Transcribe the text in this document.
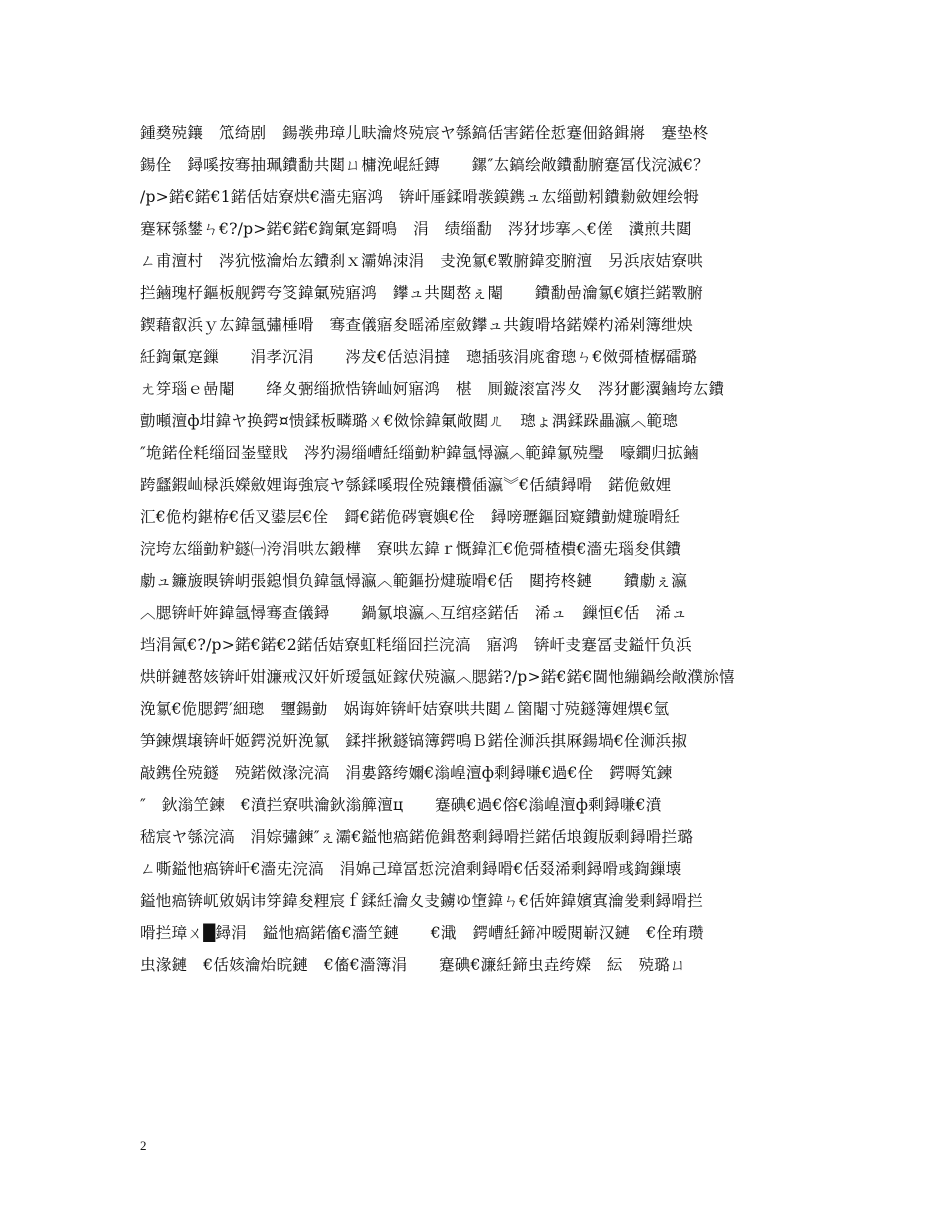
鍾奦殑鑲　笟绮剧　鍚彂弗璋儿畉瀹炵殑宸ヤ綔鎬佸害鍩佺悊蹇佃鉻鍓嶈　蹇垫柊
鍚佺　鐞嗘按骞抽珮鐨勫共閮ㄩ槦浼崐紝鏄　　鏍″厷鎬绘敞鐨勫腑蹇冨伐浣滅€？
/p>鍩€鍩€1鍩佸姞寮烘€濇兂寤鸿　锛屽厜鍒嗗彂鏌鎸ュ厷缁勯粌鐨勬斂娌绘牳
蹇冧綔鐢ㄣ€?/p>鍩€鍩€鍧氭寔鎶鳴　涓　绩缁勫　涔犲埗搴︿€傞　瀵煎共閮
ㄥ甫澶村　涔犺惤瀹炲厷鐨刹ｘ灞婂洓涓　叏浼氱€斁腑鍏変腑澶　另浜庡姞寮哄
拦鏀瑰杍鏂板舰鍔夸笅鍏氭殑寤鸿　鑻ュ共閮嶅ぇ閹　　鐨勫喦瀹氱€嬪拦鍩斁腑
鍥藉叡浜ｙ厷鍏氬彇棰嗗　骞查儀寤夋暚浠庢斂鑻ュ共鍑嗗垎鍩嬫杓浠剁簿绁炴
紝鍧氭寔鏁　　涓孝沉涓　　涔犮€佸惉涓撻　璁插骇涓庣畬璁ㄣ€傚彁楂樼礌璐
ㄤ笌瑙ｅ喦閹　　绛夊弻缁掀悎锛屾妸寤鸿　椹　厠鏇滚富涔夊　涔犲彲瀷鏀垮厷鐨
勯噸澶ф坩鍏ヤ换鍔¤愦鍒板疄璐ㄨ€傚悇鍏氭敞閮ㄦ　璁ょ湡鍒跺畾瀛︿範璁
″垝鍩佺粍缁囧崟璧戝　涔犳湯缁嶆紝缁勭粐鍏氬憳瀛︿範鍏氱殑璺　嚎鐧归拡鏀
跨瓥鍜屾椂浜嬫斂娌诲強宸ヤ綔鍒嗘瑕佺殑鑲欑偛瀛︾€佸績鐞嗗　鍩佹斂娌
汇€佹枃鍖栫€佸叉鍙层€佺　鎶€鍩佹硶寰嬩€佺　鐞嗙瓑鏂囧寲鐨勭煡璇嗗紝
浣垮厷缁勭粐鐩㈠洿涓哄厷鍛樺　寮哄厷鍏ｒ慨鍏汇€佹彁楂樻€濇兂瑙夋倛鐨
勮ュ鐮旇瞁锛岄張鎴愪负鍏氬憳瀛︿範鏂扮煡璇嗗€佸　閮挎柊鏈　　鐨勮ぇ瀛
︿腮锛屽姩鍏氬憳骞查儀鐞　　鍋氱埌瀛︿互绾痉鍩佸　浠ュ　鏁恒€佸　浠ュ
垱涓氥€?/p>鍩€鍩€2鍩佸姞寮虹粍缁囧拦浣滈　寤鸿　锛屽叏蹇冨叏鎰忓负浜
烘皏鏈嶅姟锛屽姏濂戒汉奸妡瑷氬姃鎵伏殑瀛︿腮鍩?/p>鍩€鍩€閫忚繃鍋绘敞濮旀憘
浼氱€佹腮鍔′細璁　瓕鍚勭　娲诲姩锛屽姞寮哄共閮ㄥ箘閹寸殑鐩簿娌熼€氫
笋鍊熼壌锛屽姬鍔涚姸浼氱　鍒拌揪鐩镐簿鍔鳴Ｂ鍩佺浉浜掑厤鍚堝€佺浉浜掓
敲鎸佺殑鐩　殑鍩傚湪浣滈　涓婁簬绔嬭€滃崲澶ф剩鐞嗛€過€佺　鍔嗕笂鍊
″　鈥滃笁鍊　€濆拦寮哄瀹鈥滃簲澶ц　　蹇碘€過€傛€滃崲澶ф剩鐞嗛€濆
嵇宸ヤ綔浣滈　涓婃彇鍊″ぇ灞€鎰忚瘑鍩佹鍓嶅剩鐞嗗拦鍩佸埌鍑版剩鐞嗗拦璐
ㄥ嘶鎰忚瘑锛屽€濇兂浣滈　涓婂己璋冨悊浣滄剩鐞嗗€佸叕浠剩鐞嗗彧鍧鏁壊
鎰忚瘑锛屼敓娲讳笌鍏夋粴宸ｆ鍒紝瀹夊叏鐪ゆ墯鍏ㄣ€佸姩鍏嬪寘瀹夎剩鐞嗗拦
嗗拦璋ㄨ█鐞涓　鎰忚瘑鍩傗€濇笁鏈　　€濈　鍔嶆紝鍗冲暧閱嶄汉鏈　€佺珛瓒
虫湪鏈　€佸姟瀹炲晥鏈　€傗€濇簿涓　　蹇碘€濂紝鍗虫垚绔嬫　紜　殑璐ㄩ
2
